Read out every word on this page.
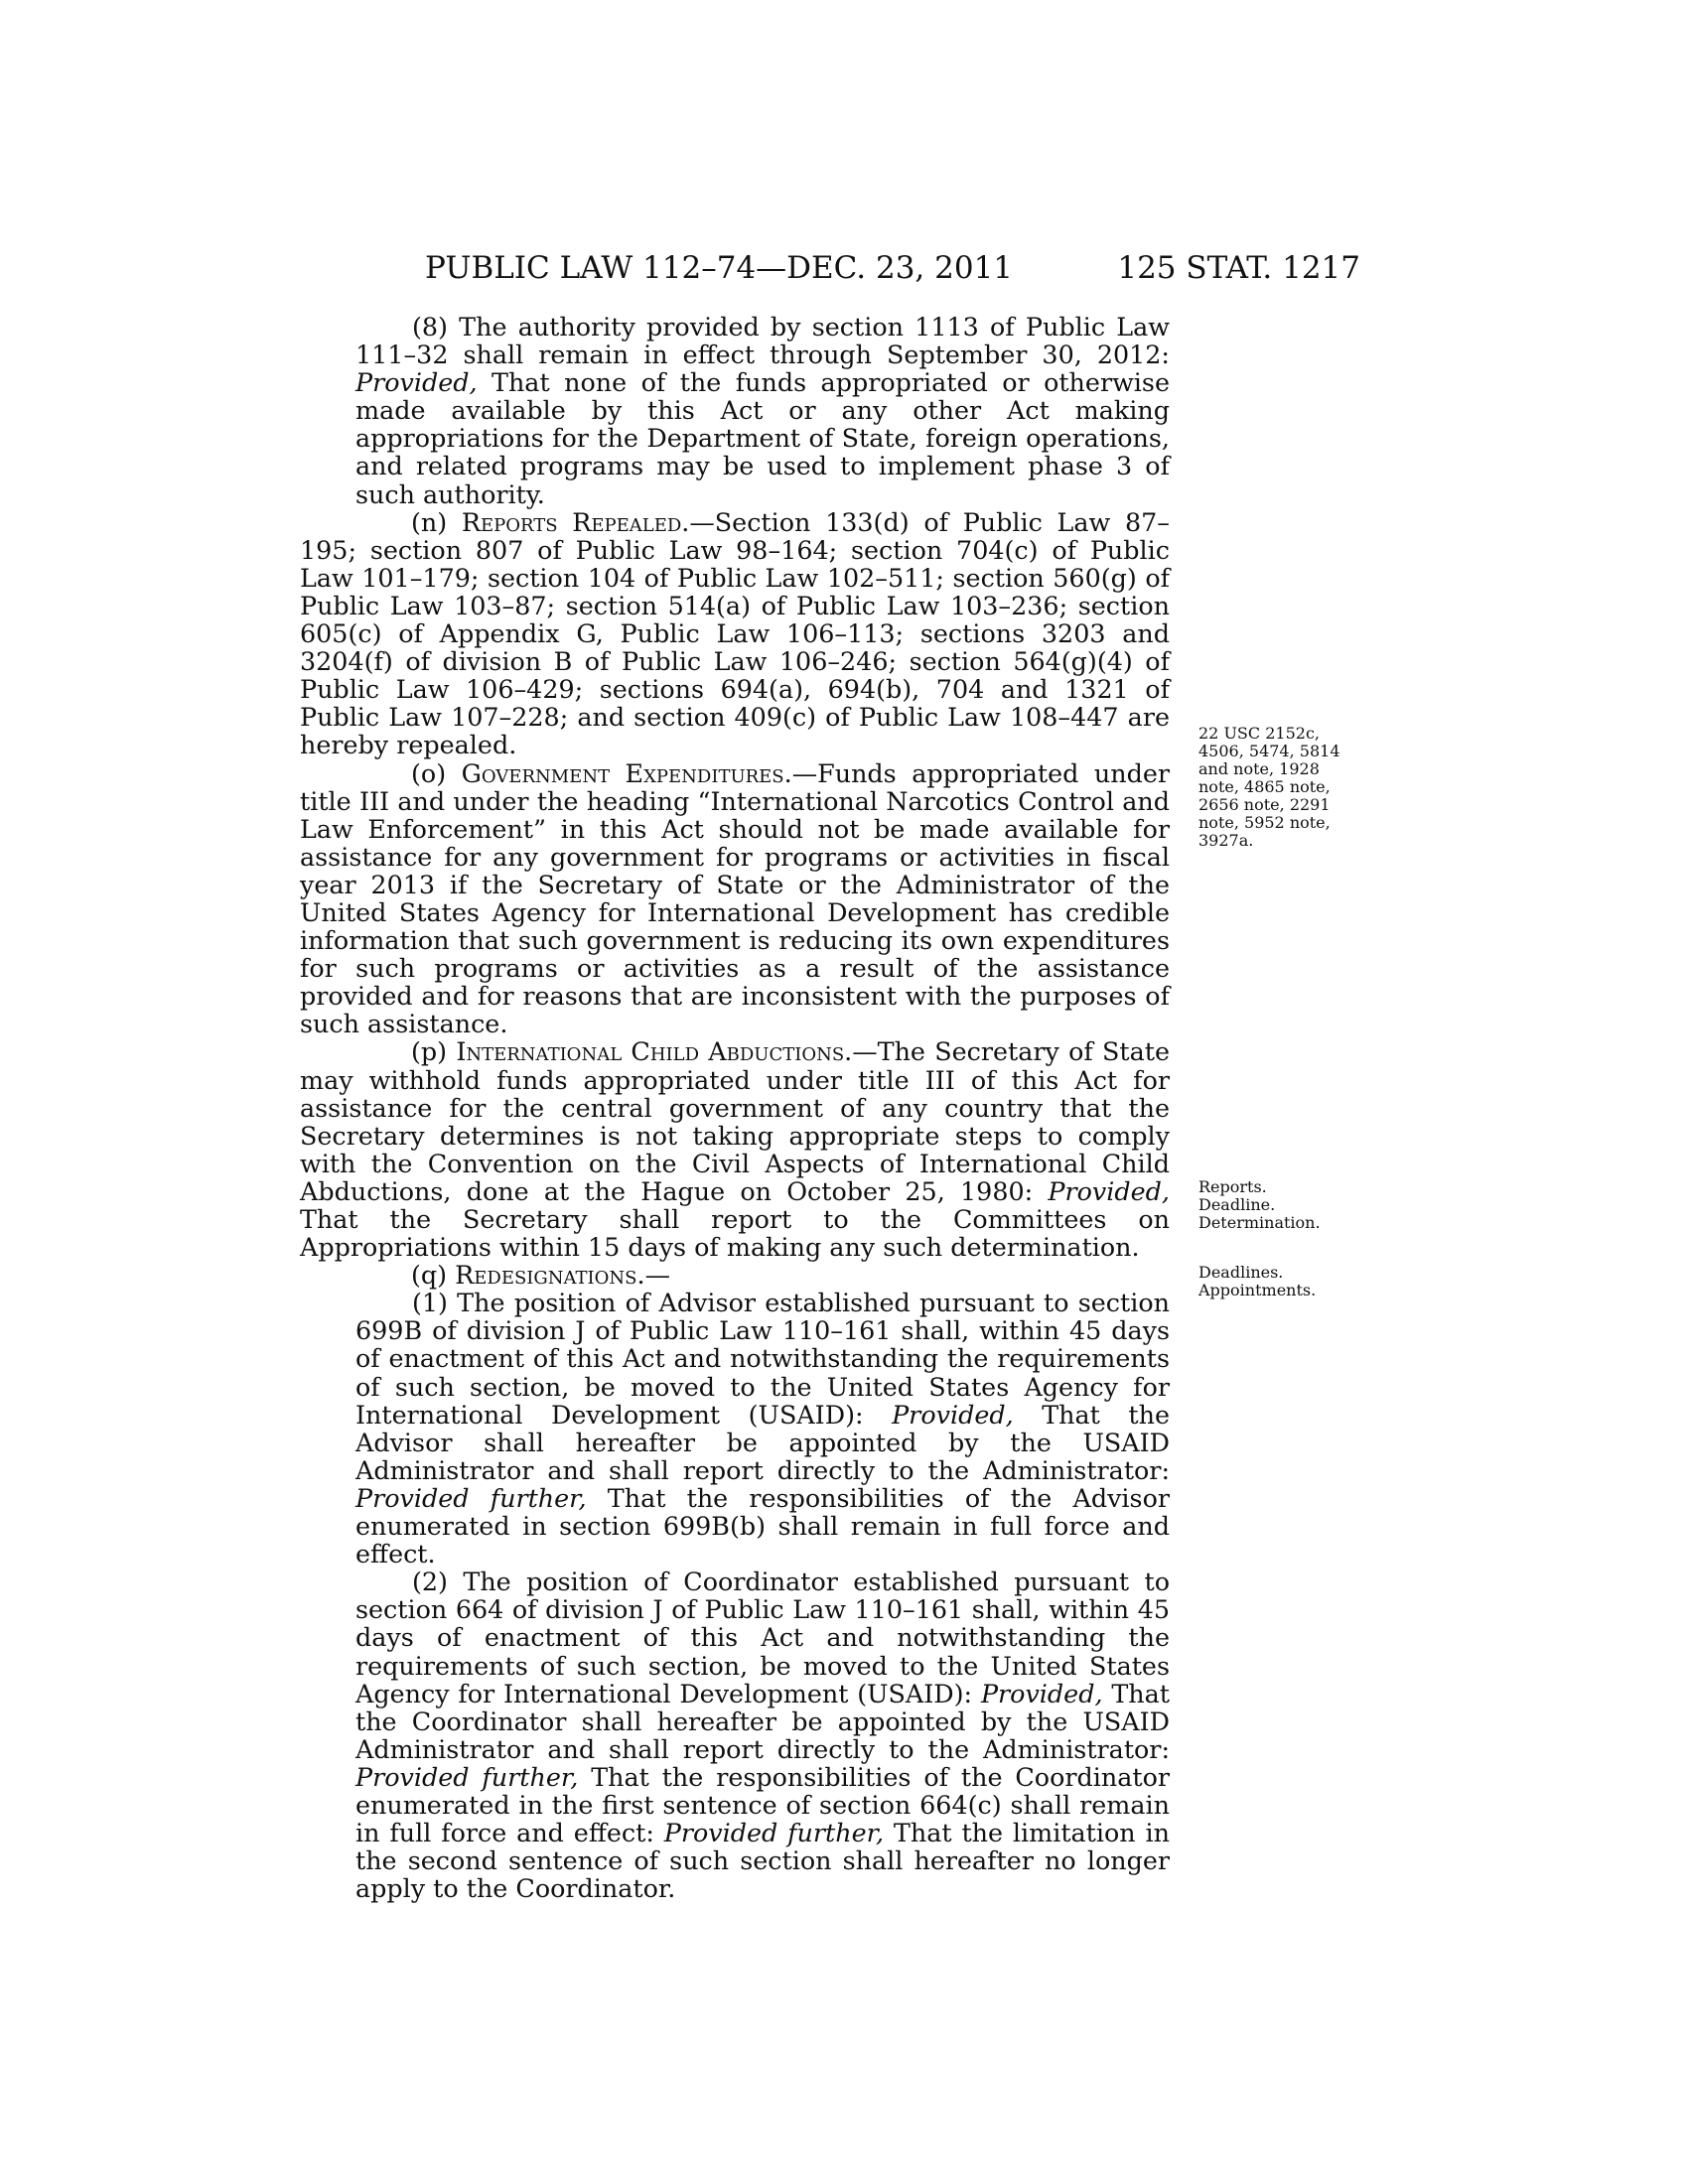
PUBLIC LAW 112–74—DEC. 23, 2011	125 STAT. 1217

(8) The authority provided by section 1113 of Public Law 111–32 shall remain in effect through September 30, 2012: Provided, That none of the funds appropriated or otherwise made available by this Act or any other Act making appropriations for the Department of State, foreign operations, and related programs may be used to implement phase 3 of such authority.

(n) Reports Repealed.—Section 133(d) of Public Law 87–195; section 807 of Public Law 98–164; section 704(c) of Public Law 101–179; section 104 of Public Law 102–511; section 560(g) of Public Law 103–87; section 514(a) of Public Law 103–236; section 605(c) of Appendix G, Public Law 106–113; sections 3203 and 3204(f) of division B of Public Law 106–246; section 564(g)(4) of Public Law 106–429; sections 694(a), 694(b), 704 and 1321 of Public Law 107–228; and section 409(c) of Public Law 108–447 are hereby repealed.

(o) Government Expenditures.—Funds appropriated under title III and under the heading “International Narcotics Control and Law Enforcement” in this Act should not be made available for assistance for any government for programs or activities in fiscal year 2013 if the Secretary of State or the Administrator of the United States Agency for International Development has credible information that such government is reducing its own expenditures for such programs or activities as a result of the assistance provided and for reasons that are inconsistent with the purposes of such assistance.

(p) International Child Abductions.—The Secretary of State may withhold funds appropriated under title III of this Act for assistance for the central government of any country that the Secretary determines is not taking appropriate steps to comply with the Convention on the Civil Aspects of International Child Abductions, done at the Hague on October 25, 1980: Provided, That the Secretary shall report to the Committees on Appropriations within 15 days of making any such determination.

(q) Redesignations.—

(1) The position of Advisor established pursuant to section 699B of division J of Public Law 110–161 shall, within 45 days of enactment of this Act and notwithstanding the requirements of such section, be moved to the United States Agency for International Development (USAID): Provided, That the Advisor shall hereafter be appointed by the USAID Administrator and shall report directly to the Administrator: Provided further, That the responsibilities of the Advisor enumerated in section 699B(b) shall remain in full force and effect.

(2) The position of Coordinator established pursuant to section 664 of division J of Public Law 110–161 shall, within 45 days of enactment of this Act and notwithstanding the requirements of such section, be moved to the United States Agency for International Development (USAID): Provided, That the Coordinator shall hereafter be appointed by the USAID Administrator and shall report directly to the Administrator: Provided further, That the responsibilities of the Coordinator enumerated in the first sentence of section 664(c) shall remain in full force and effect: Provided further, That the limitation in the second sentence of such section shall hereafter no longer apply to the Coordinator.

22 USC 2152c,
4506, 5474, 5814
and note, 1928
note, 4865 note,
2656 note, 2291
note, 5952 note,
3927a.
Reports.
Deadline.
Determination.
Deadlines.
Appointments.
